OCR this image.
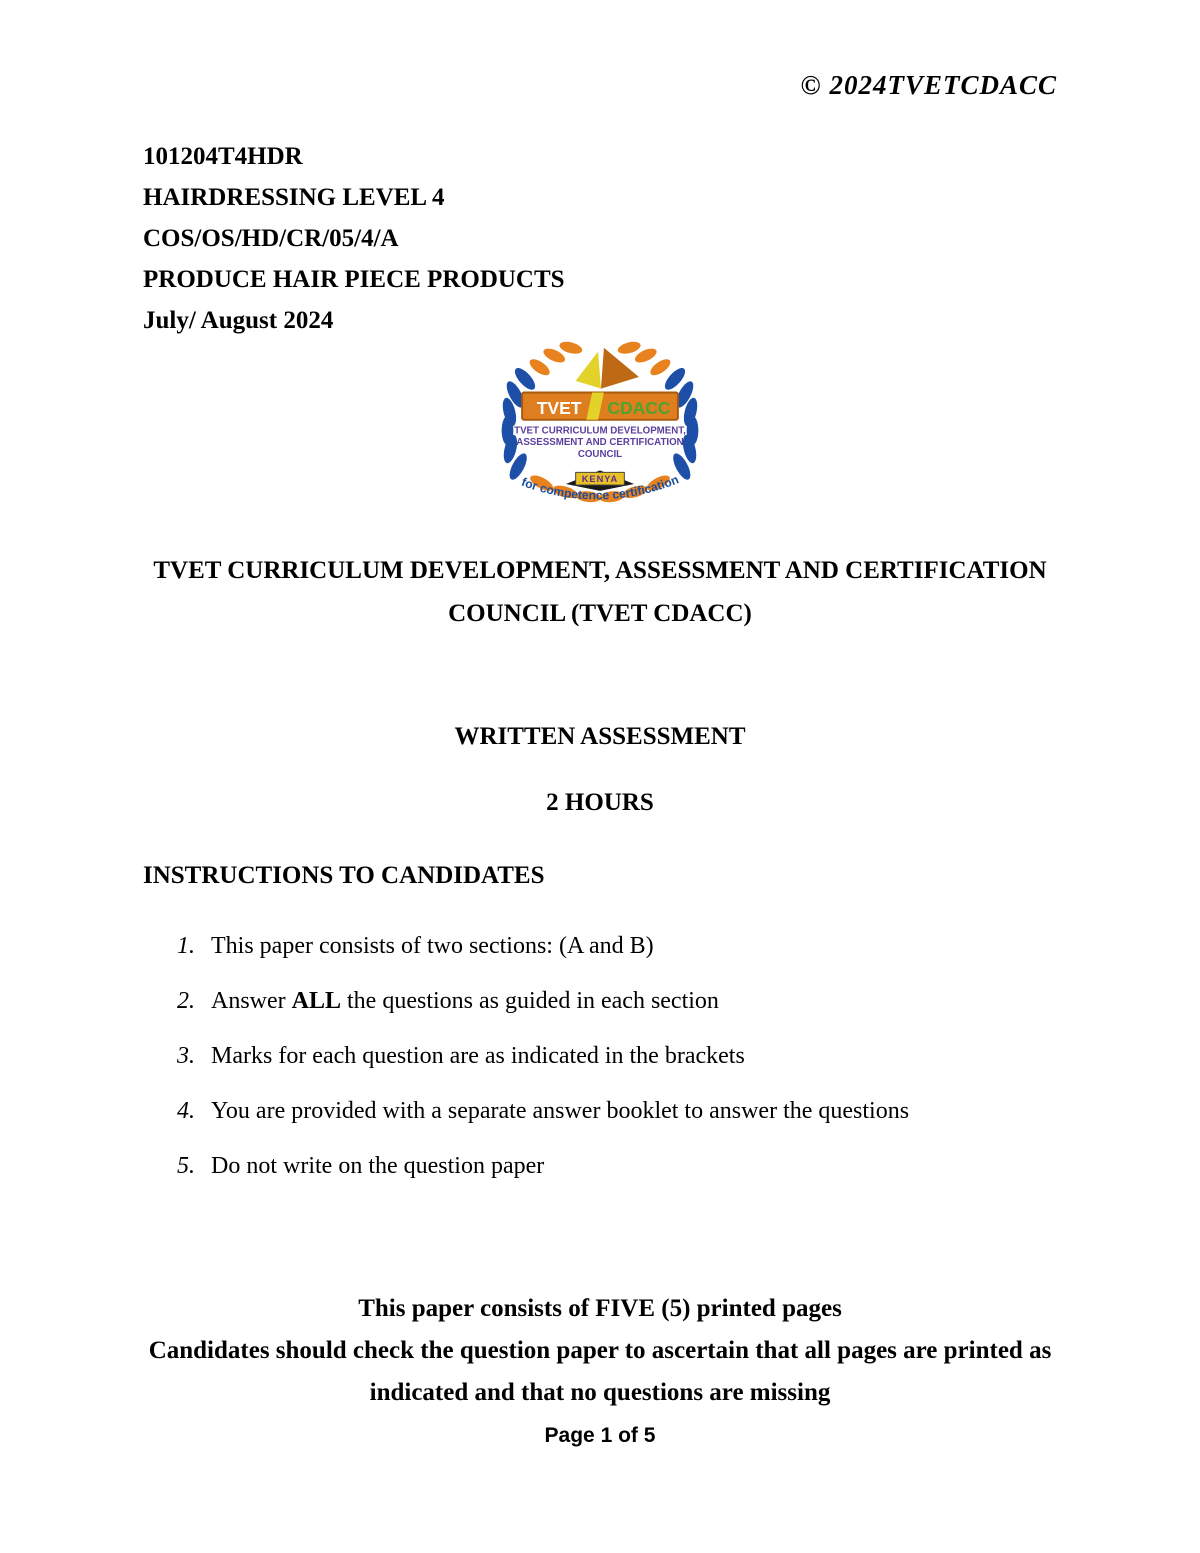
© 2024TVETCDACC
101204T4HDR
HAIRDRESSING LEVEL 4
COS/OS/HD/CR/05/4/A
PRODUCE HAIR PIECE PRODUCTS
July/ August 2024
TVET CDACC
TVET CURRICULUM DEVELOPMENT,
ASSESSMENT AND CERTIFICATION
COUNCIL
KENYA
for competence certification
TVET CURRICULUM DEVELOPMENT, ASSESSMENT AND CERTIFICATION
COUNCIL (TVET CDACC)
WRITTEN ASSESSMENT
2 HOURS
INSTRUCTIONS TO CANDIDATES
1. This paper consists of two sections: (A and B)
2. Answer ALL the questions as guided in each section
3. Marks for each question are as indicated in the brackets
4. You are provided with a separate answer booklet to answer the questions
5. Do not write on the question paper
This paper consists of FIVE (5) printed pages
Candidates should check the question paper to ascertain that all pages are printed as
indicated and that no questions are missing
Page 1 of 5
